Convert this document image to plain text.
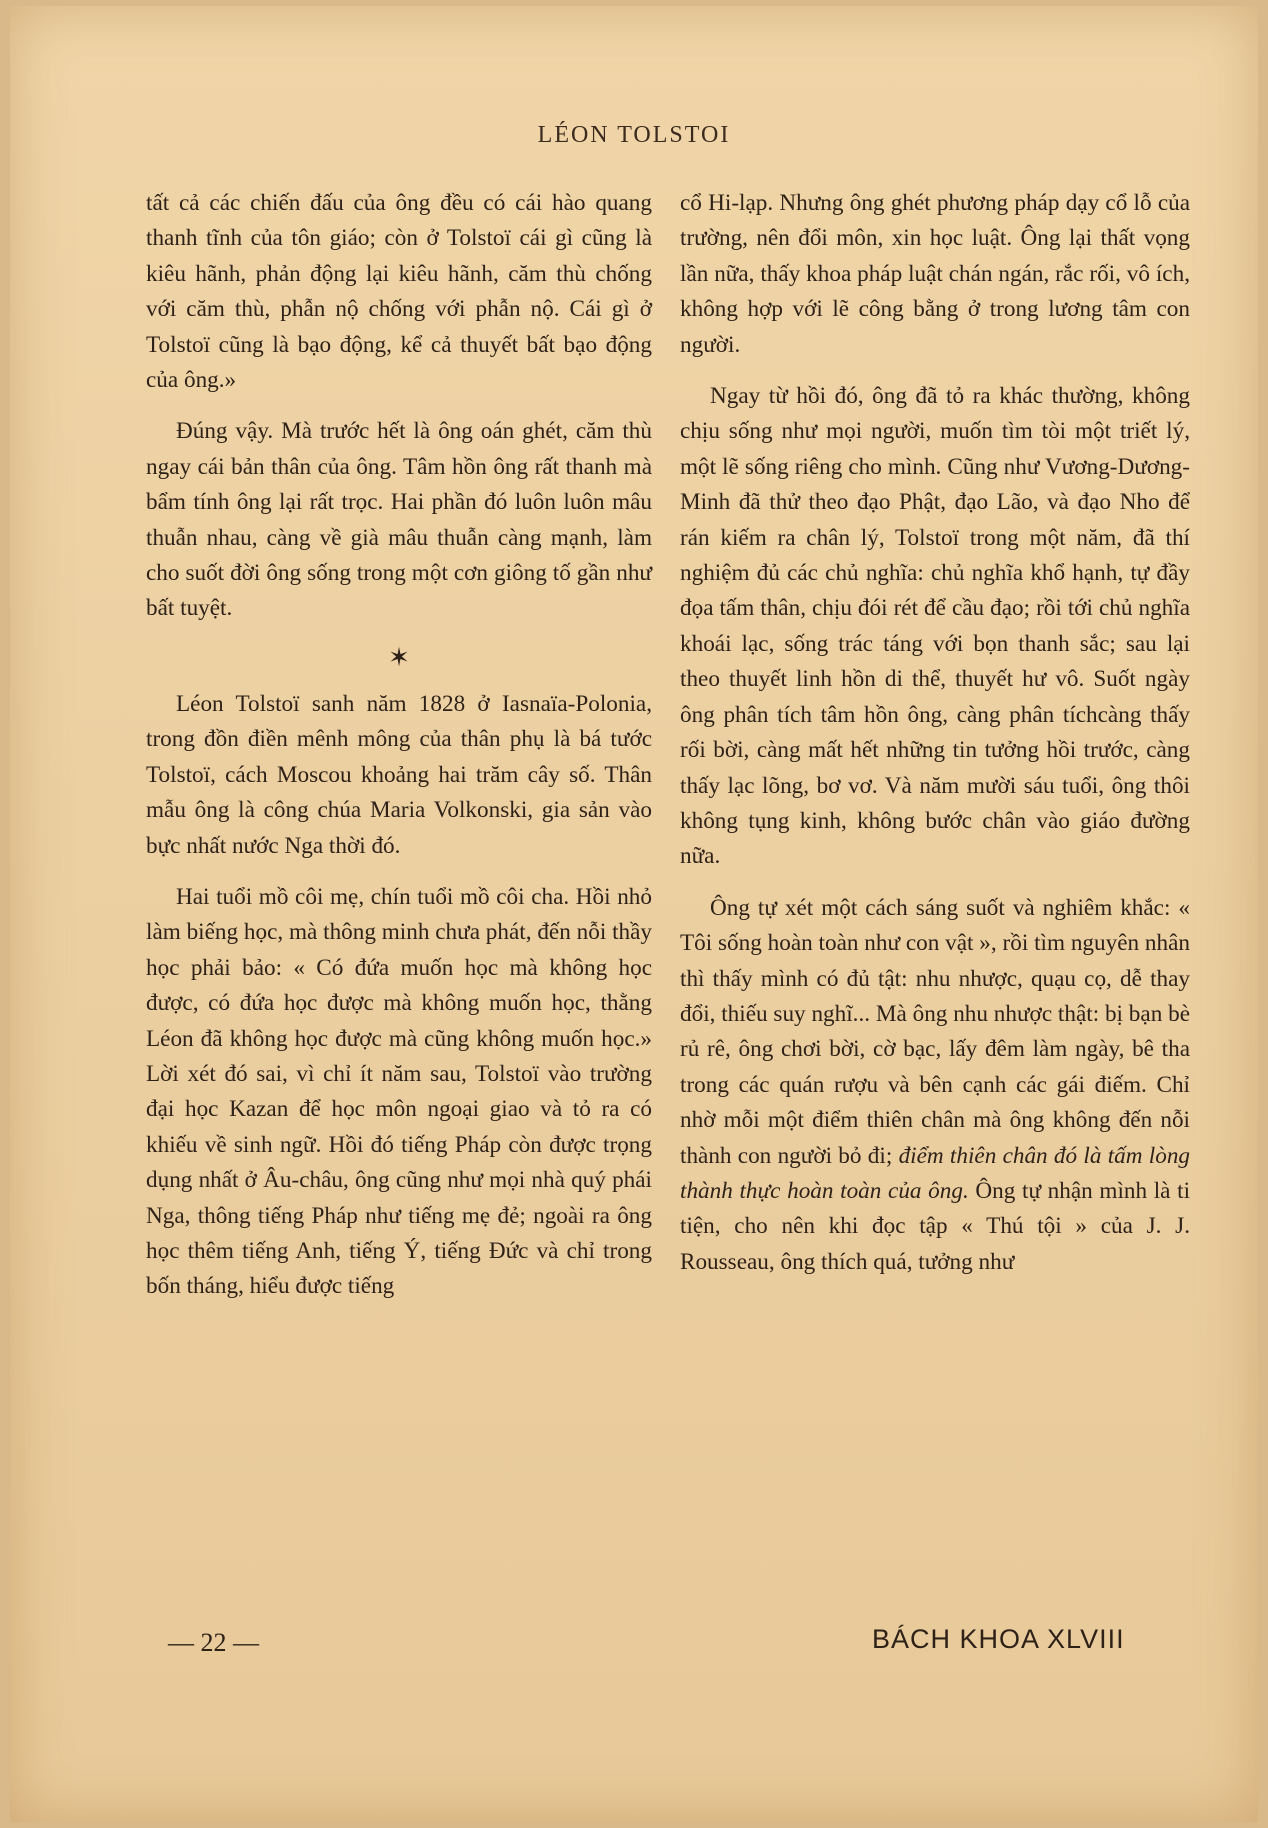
LÉON TOLSTOI

tất cả các chiến đấu của ông đều có cái hào quang thanh tĩnh của tôn giáo; còn ở Tolstoï cái gì cũng là kiêu hãnh, phản động lại kiêu hãnh, căm thù chống với căm thù, phẫn nộ chống với phẫn nộ. Cái gì ở Tolstoï cũng là bạo động, kể cả thuyết bất bạo động của ông.»

Đúng vậy. Mà trước hết là ông oán ghét, căm thù ngay cái bản thân của ông. Tâm hồn ông rất thanh mà bẩm tính ông lại rất trọc. Hai phần đó luôn luôn mâu thuẫn nhau, càng về già mâu thuẫn càng mạnh, làm cho suốt đời ông sống trong một cơn giông tố gần như bất tuyệt.

✶

Léon Tolstoï sanh năm 1828 ở Iasnaïa-Polonia, trong đồn điền mênh mông của thân phụ là bá tước Tolstoï, cách Moscou khoảng hai trăm cây số. Thân mẫu ông là công chúa Maria Volkonski, gia sản vào bực nhất nước Nga thời đó.

Hai tuổi mồ côi mẹ, chín tuổi mồ côi cha. Hồi nhỏ làm biếng học, mà thông minh chưa phát, đến nỗi thầy học phải bảo: « Có đứa muốn học mà không học được, có đứa học được mà không muốn học, thằng Léon đã không học được mà cũng không muốn học.» Lời xét đó sai, vì chỉ ít năm sau, Tolstoï vào trường đại học Kazan để học môn ngoại giao và tỏ ra có khiếu về sinh ngữ. Hồi đó tiếng Pháp còn được trọng dụng nhất ở Âu-châu, ông cũng như mọi nhà quý phái Nga, thông tiếng Pháp như tiếng mẹ đẻ; ngoài ra ông học thêm tiếng Anh, tiếng Ý, tiếng Đức và chỉ trong bốn tháng, hiểu được tiếng

cổ Hi-lạp. Nhưng ông ghét phương pháp dạy cổ lỗ của trường, nên đổi môn, xin học luật. Ông lại thất vọng lần nữa, thấy khoa pháp luật chán ngán, rắc rối, vô ích, không hợp với lẽ công bằng ở trong lương tâm con người.

Ngay từ hồi đó, ông đã tỏ ra khác thường, không chịu sống như mọi người, muốn tìm tòi một triết lý, một lẽ sống riêng cho mình. Cũng như Vương-Dương-Minh đã thử theo đạo Phật, đạo Lão, và đạo Nho để rán kiếm ra chân lý, Tolstoï trong một năm, đã thí nghiệm đủ các chủ nghĩa: chủ nghĩa khổ hạnh, tự đầy đọa tấm thân, chịu đói rét để cầu đạo; rồi tới chủ nghĩa khoái lạc, sống trác táng với bọn thanh sắc; sau lại theo thuyết linh hồn di thể, thuyết hư vô. Suốt ngày ông phân tích tâm hồn ông, càng phân tíchcàng thấy rối bời, càng mất hết những tin tưởng hồi trước, càng thấy lạc lõng, bơ vơ. Và năm mười sáu tuổi, ông thôi không tụng kinh, không bước chân vào giáo đường nữa.

Ông tự xét một cách sáng suốt và nghiêm khắc: « Tôi sống hoàn toàn như con vật », rồi tìm nguyên nhân thì thấy mình có đủ tật: nhu nhược, quạu cọ, dễ thay đổi, thiếu suy nghĩ... Mà ông nhu nhược thật: bị bạn bè rủ rê, ông chơi bời, cờ bạc, lấy đêm làm ngày, bê tha trong các quán rượu và bên cạnh các gái điếm. Chỉ nhờ mỗi một điểm thiên chân mà ông không đến nỗi thành con người bỏ đi; điểm thiên chân đó là tấm lòng thành thực hoàn toàn của ông. Ông tự nhận mình là ti tiện, cho nên khi đọc tập « Thú tội » của J. J. Rousseau, ông thích quá, tưởng như

— 22 —	BÁCH KHOA XLVIII
